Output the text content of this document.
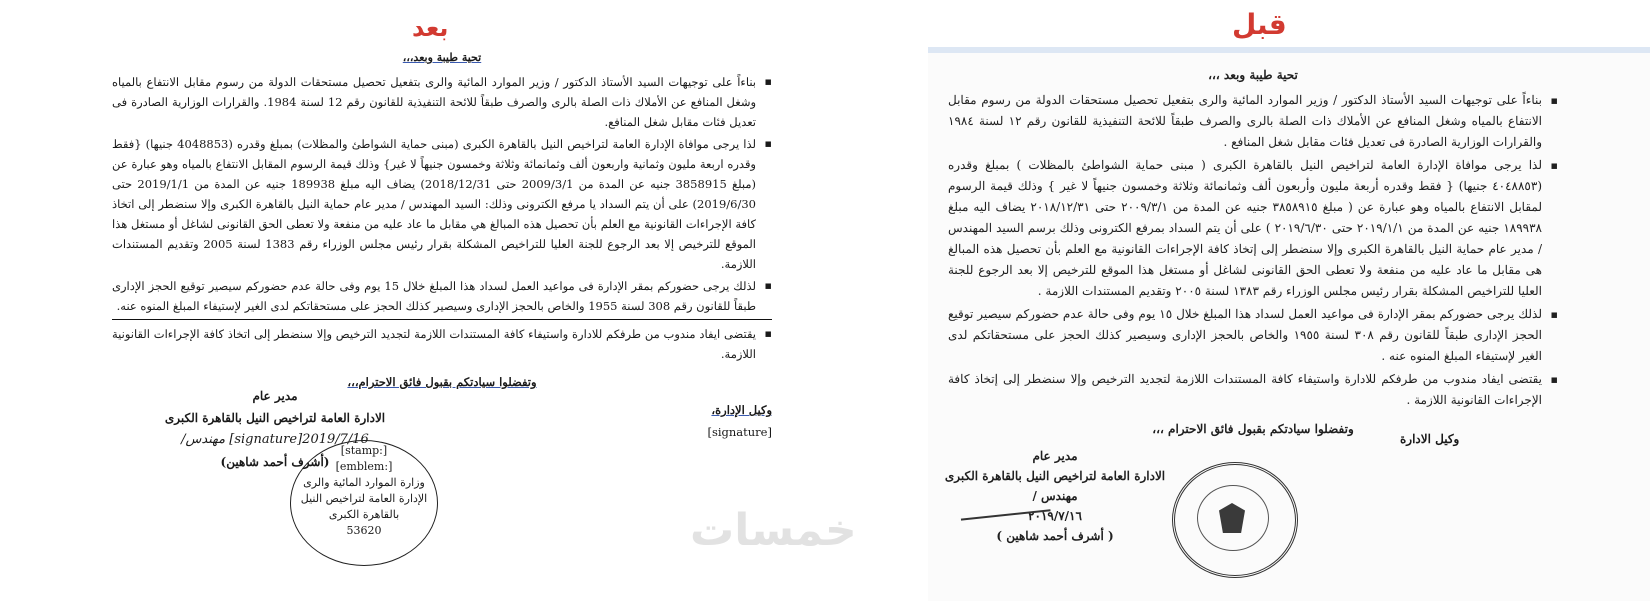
بعد
تحية طيبة وبعد،،،
▪ بناءاً على توجيهات السيد الأستاذ الدكتور / وزير الموارد المائية والرى بتفعيل تحصيل مستحقات الدولة من رسوم مقابل الانتفاع بالمياه وشغل المنافع عن الأملاك ذات الصلة بالرى والصرف طبقاً للائحة التنفيذية للقانون رقم 12 لسنة 1984. والقرارات الوزارية الصادرة فى تعديل فئات مقابل شغل المنافع.
▪ لذا يرجى موافاة الإدارة العامة لتراخيص النيل بالقاهرة الكبرى (مبنى حماية الشواطئ والمظلات) بمبلغ وقدره (4048853 جنيها) {فقط وقدره اربعة مليون وثمانية واربعون ألف وثمانمائة وثلاثة وخمسون جنيهاً لا غير} وذلك قيمة الرسوم المقابل الانتفاع بالمياه وهو عبارة عن (مبلغ 3858915 جنيه عن المدة من 2009/3/1 حتى 2018/12/31) يضاف اليه مبلغ 189938 جنيه عن المدة من 2019/1/1 حتى 2019/6/30) على أن يتم السداد يا مرفع الكترونى وذلك: السيد المهندس / مدير عام حماية النيل بالقاهرة الكبرى وإلا سنضطر إلى اتخاذ كافة الإجراءات القانونية مع العلم بأن تحصيل هذه المبالغ هي مقابل ما عاد عليه من منفعة ولا تعطى الحق القانونى لشاغل أو مستغل هذا الموقع للترخيص إلا بعد الرجوع للجنة العليا للتراخيص المشكلة بقرار رئيس مجلس الوزراء رقم 1383 لسنة 2005 وتقديم المستندات اللازمة.
▪ لذلك يرجى حضوركم بمقر الإدارة فى مواعيد العمل لسداد هذا المبلغ خلال 15 يوم وفى حالة عدم حضوركم سيصير توقيع الحجز الإدارى طبقاً للقانون رقم 308 لسنة 1955 والخاص بالحجز الإدارى وسيصير كذلك الحجز على مستحقاتكم لدى الغير لإستيفاء المبلغ المنوه عنه.
▪ يقتضى ايفاد مندوب من طرفكم للادارة واستيفاء كافة المستندات اللازمة لتجديد الترخيص وإلا سنضطر إلى اتخاذ كافة الإجراءات القانونية اللازمة.
وتفضلوا سيادتكم بقبول فائق الاحترام،،،
وكيل الإدارة،
[signature]
مدير عام
الادارة العامة لتراخيص النيل بالقاهرة الكبرى
2019/7/16[signature] مهندس/
(أشرف أحمد شاهين)
[stamp:]
[emblem:]
وزارة الموارد المائية والرى
الإدارة العامة لتراخيص النيل بالقاهرة الكبرى
53620	خمسات
قبل
تحية طيبة وبعد ،،،
▪ بناءاً على توجيهات السيد الأستاذ الدكتور / وزير الموارد المائية والرى بتفعيل تحصيل مستحقات الدولة من رسوم مقابل الانتفاع بالمياه وشغل المنافع عن الأملاك ذات الصلة بالرى والصرف طبقاً للائحة التنفيذية للقانون رقم ١٢ لسنة ١٩٨٤ والقرارات الوزارية الصادرة فى تعديل فئات مقابل شغل المنافع .
▪ لذا يرجى موافاة الإدارة العامة لتراخيص النيل بالقاهرة الكبرى ( مبنى حماية الشواطئ بالمظلات ) بمبلغ وقدره (٤٠٤٨٨٥٣ جنيها) { فقط وقدره أربعة مليون وأربعون ألف وثمانمائة وثلاثة وخمسون جنيهاً لا غير } وذلك قيمة الرسوم لمقابل الانتفاع بالمياه وهو عبارة عن ( مبلغ ٣٨٥٨٩١٥ جنيه عن المدة من ٢٠٠٩/٣/١ حتى ٢٠١٨/١٢/٣١ يضاف اليه مبلغ ١٨٩٩٣٨ جنيه عن المدة من ٢٠١٩/١/١ حتى ٢٠١٩/٦/٣٠ ) على أن يتم السداد بمرفع الكترونى وذلك برسم السيد المهندس / مدير عام حماية النيل بالقاهرة الكبرى وإلا سنضطر إلى إتخاذ كافة الإجراءات القانونية مع العلم بأن تحصيل هذه المبالغ هى مقابل ما عاد عليه من منفعة ولا تعطى الحق القانونى لشاغل أو مستغل هذا الموقع للترخيص إلا بعد الرجوع للجنة العليا للتراخيص المشكلة بقرار رئيس مجلس الوزراء رقم ١٣٨٣ لسنة ٢٠٠٥ وتقديم المستندات اللازمة .
▪ لذلك يرجى حضوركم بمقر الإدارة فى مواعيد العمل لسداد هذا المبلغ خلال ١٥ يوم وفى حالة عدم حضوركم سيصير توقيع الحجز الإدارى طبقاً للقانون رقم ٣٠٨ لسنة ١٩٥٥ والخاص بالحجز الإدارى وسيصير كذلك الحجز على مستحقاتكم لدى الغير لإستيفاء المبلغ المنوه عنه .
▪ يقتضى ايفاد مندوب من طرفكم للادارة واستيفاء كافة المستندات اللازمة لتجديد الترخيص وإلا سنضطر إلى إتخاذ كافة الإجراءات القانونية اللازمة .
وتفضلوا سيادتكم بقبول فائق الاحترام ،،،
وكيل الادارة
مدير عام
الادارة العامة لتراخيص النيل بالقاهرة الكبرى
مهندس /
٢٠١٩/٧/١٦
( أشرف أحمد شاهين )
